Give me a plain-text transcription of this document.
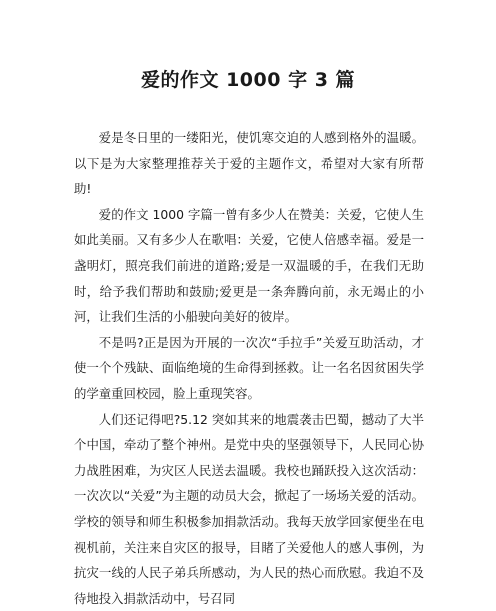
爱的作文 1000 字 3 篇

爱是冬日里的一缕阳光，使饥寒交迫的人感到格外的温暖。以下是为大家整理推荐关于爱的主题作文，希望对大家有所帮助!

爱的作文 1000 字篇一曾有多少人在赞美：关爱，它使人生如此美丽。又有多少人在歌唱：关爱，它使人倍感幸福。爱是一盏明灯，照亮我们前进的道路;爱是一双温暖的手，在我们无助时，给予我们帮助和鼓励;爱更是一条奔腾向前，永无竭止的小河，让我们生活的小船驶向美好的彼岸。

不是吗?正是因为开展的一次次“手拉手”关爱互助活动，才使一个个残缺、面临绝境的生命得到拯救。让一名名因贫困失学的学童重回校园，脸上重现笑容。

人们还记得吧?5.12 突如其来的地震袭击巴蜀，撼动了大半个中国，牵动了整个神州。是党中央的坚强领导下，人民同心协力战胜困难，为灾区人民送去温暖。我校也踊跃投入这次活动：一次次以“关爱”为主题的动员大会，掀起了一场场关爱的活动。学校的领导和师生积极参加捐款活动。我每天放学回家便坐在电视机前，关注来自灾区的报导，目睹了关爱他人的感人事例，为抗灾一线的人民子弟兵所感动，为人民的热心而欣慰。我迫不及待地投入捐款活动中，号召同
